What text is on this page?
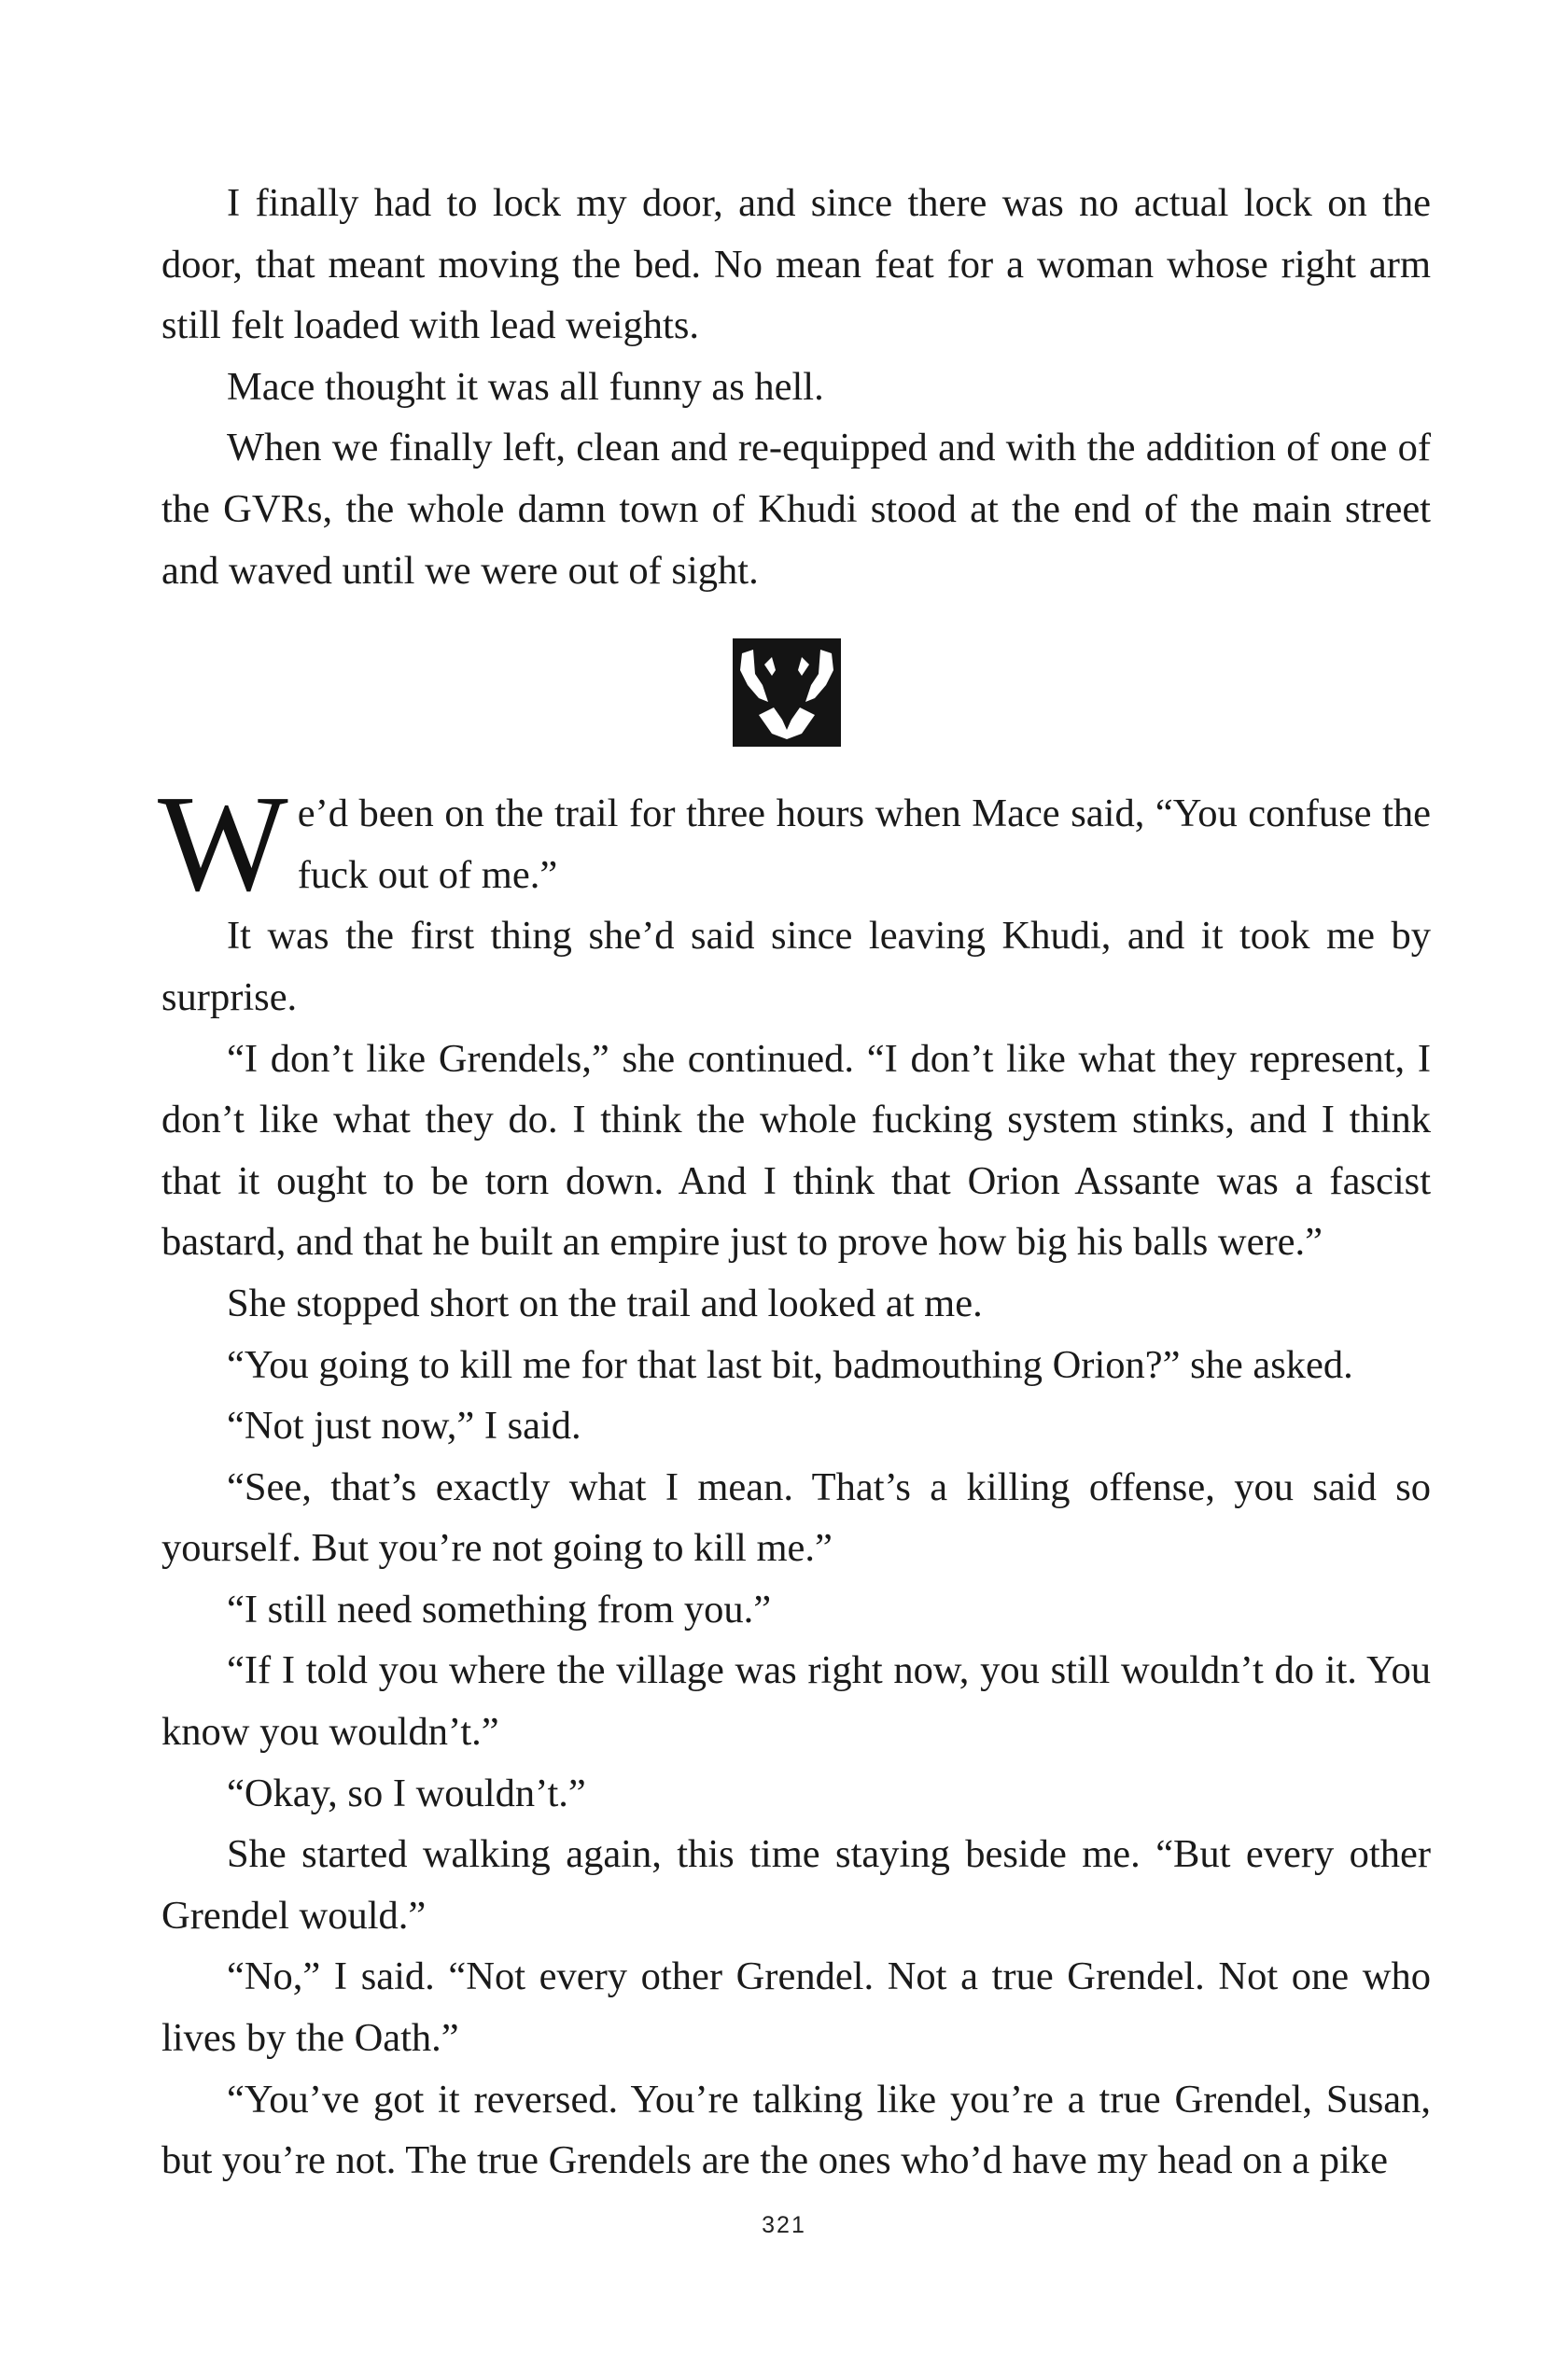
I finally had to lock my door, and since there was no actual lock on the door, that meant moving the bed. No mean feat for a woman whose right arm still felt loaded with lead weights.

Mace thought it was all funny as hell.

When we finally left, clean and re-equipped and with the addition of one of the GVRs, the whole damn town of Khudi stood at the end of the main street and waved until we were out of sight.

We’d been on the trail for three hours when Mace said, “You confuse the fuck out of me.”

It was the first thing she’d said since leaving Khudi, and it took me by surprise.

“I don’t like Grendels,” she continued. “I don’t like what they represent, I don’t like what they do. I think the whole fucking system stinks, and I think that it ought to be torn down. And I think that Orion Assante was a fascist bastard, and that he built an empire just to prove how big his balls were.”

She stopped short on the trail and looked at me.

“You going to kill me for that last bit, badmouthing Orion?” she asked.

“Not just now,” I said.

“See, that’s exactly what I mean. That’s a killing offense, you said so yourself. But you’re not going to kill me.”

“I still need something from you.”

“If I told you where the village was right now, you still wouldn’t do it. You know you wouldn’t.”

“Okay, so I wouldn’t.”

She started walking again, this time staying beside me. “But every other Grendel would.”

“No,” I said. “Not every other Grendel. Not a true Grendel. Not one who lives by the Oath.”

“You’ve got it reversed. You’re talking like you’re a true Grendel, Susan, but you’re not. The true Grendels are the ones who’d have my head on a pike

321
